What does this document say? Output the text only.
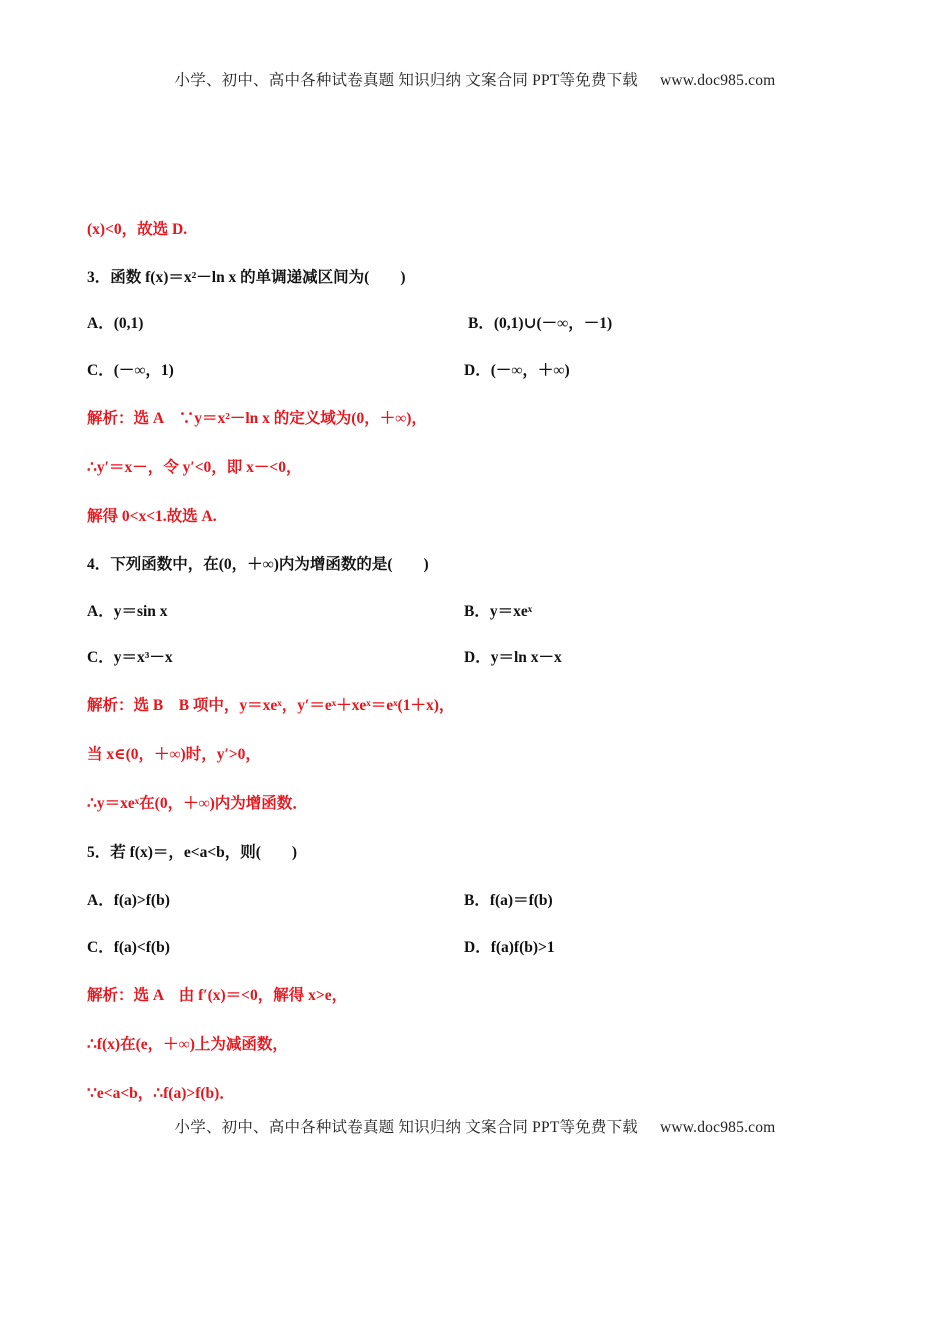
小学、初中、高中各种试卷真题 知识归纳 文案合同 PPT等免费下载 www.doc985.com
(x)<0，故选 D.
3．函数 f(x)＝x²－ln x 的单调递减区间为(　　)
A．(0,1)	B．(0,1)∪(－∞，－1)
C．(－∞，1)	D．(－∞，＋∞)
解析：选 A　∵y＝x²－ln x 的定义域为(0，＋∞)，
∴y′＝x－，令 y′<0，即 x－<0，
解得 0<x<1.故选 A.
4．下列函数中，在(0，＋∞)内为增函数的是(　　)
A．y＝sin x	B．y＝xeˣ
C．y＝x³－x	D．y＝ln x－x
解析：选 B　B 项中，y＝xeˣ，y′＝eˣ＋xeˣ＝eˣ(1＋x)，
当 x∈(0，＋∞)时，y′>0，
∴y＝xeˣ在(0，＋∞)内为增函数．
5．若 f(x)＝，e<a<b，则(　　)
A．f(a)>f(b)	B．f(a)＝f(b)
C．f(a)<f(b)	D．f(a)f(b)>1
解析：选 A　由 f′(x)＝<0，解得 x>e，
∴f(x)在(e，＋∞)上为减函数，
∵e<a<b，∴f(a)>f(b)．
小学、初中、高中各种试卷真题 知识归纳 文案合同 PPT等免费下载 www.doc985.com
